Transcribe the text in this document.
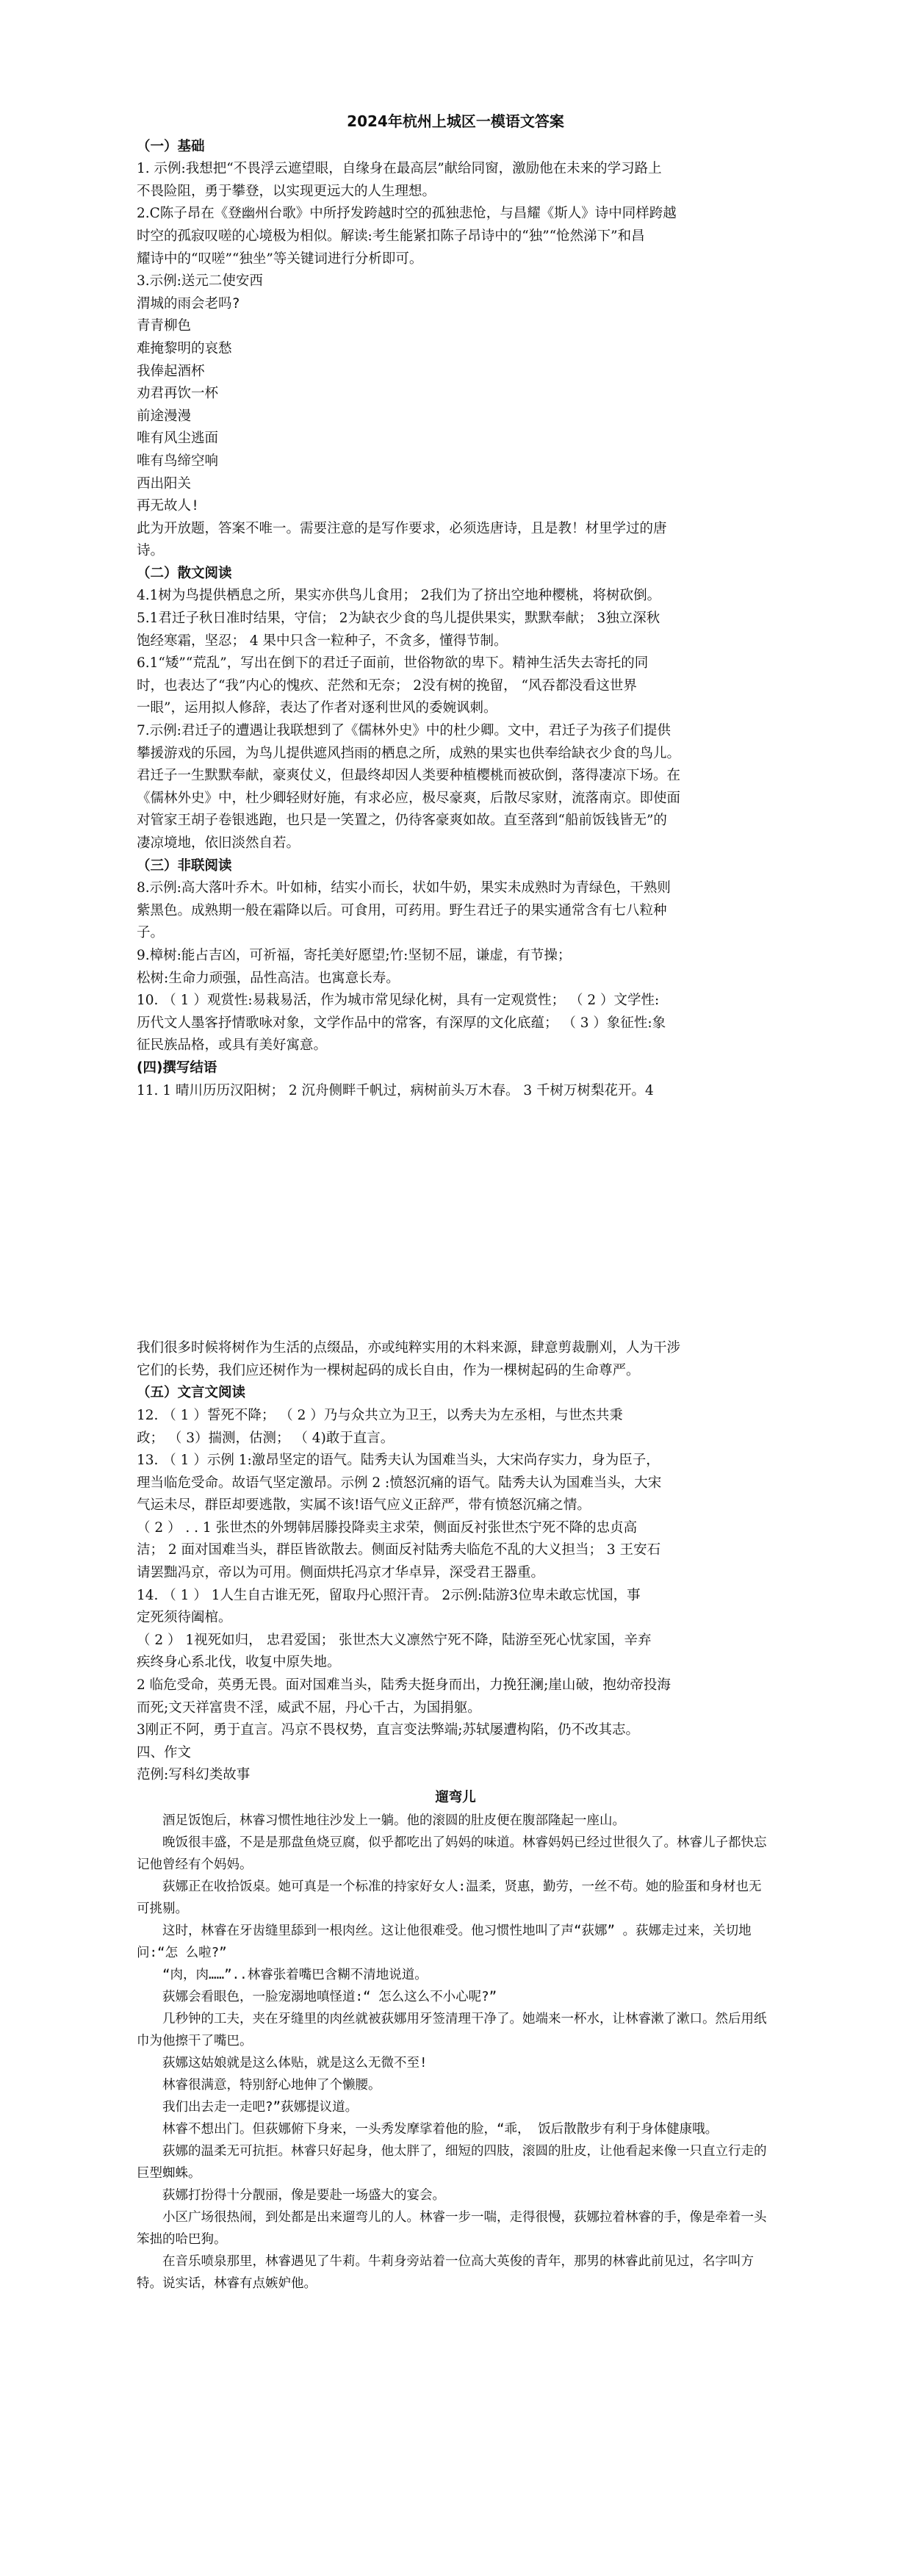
2024年杭州上城区一模语文答案

（一）基础

1. 示例:我想把“不畏浮云遮望眼，自缘身在最高层”献给同窗，激励他在未来的学习路上

不畏险阻，勇于攀登，以实现更远大的人生理想。

2.C陈子昂在《登幽州台歌》中所抒发跨越时空的孤独悲怆，与昌耀《斯人》诗中同样跨越

时空的孤寂叹嗟的心境极为相似。解读:考生能紧扣陈子昂诗中的“独”“怆然涕下”和昌

耀诗中的“叹嗟”“独坐”等关键词进行分析即可。

3.示例:送元二使安西

渭城的雨会老吗?

青青柳色

难掩黎明的哀愁

我俸起酒杯

劝君再饮一杯

前途漫漫

唯有风尘逃面

唯有鸟缔空响

西出阳关

再无故人!

此为开放题，答案不唯一。需要注意的是写作要求，必须选唐诗，且是教！材里学过的唐

诗。

（二）散文阅读

4.1树为鸟提供栖息之所，果实亦供鸟儿食用； 2我们为了挤出空地种樱桃，将树砍倒。

5.1君迁子秋日准时结果，守信； 2为缺衣少食的鸟儿提供果实，默默奉献； 3独立深秋

饱经寒霜，坚忍； 4 果中只含一粒种子，不贪多，懂得节制。

6.1“矮”“荒乱”，写出在倒下的君迁子面前，世俗物欲的卑下。精神生活失去寄托的同

时，也表达了“我”内心的愧疚、茫然和无奈； 2没有树的挽留， “风吞都没看这世界

一眼”，运用拟人修辞，表达了作者对逐利世风的委婉讽刺。

7.示例:君迁子的遭遇让我联想到了《儒林外史》中的杜少卿。文中，君迁子为孩子们提供

攀援游戏的乐园，为鸟儿提供遮风挡雨的栖息之所，成熟的果实也供奉给缺衣少食的鸟儿。

君迁子一生默默奉献，豪爽仗义，但最终却因人类要种植樱桃而被砍倒，落得凄凉下场。在

《儒林外史》中，杜少卿轻财好施，有求必应，极尽豪爽，后散尽家财，流落南京。即使面

对管家王胡子卷银逃跑，也只是一笑置之，仍待客豪爽如故。直至落到“船前饭钱皆无”的

凄凉境地，依旧淡然自若。

（三）非联阅读

8.示例:高大落叶乔木。叶如柿，结实小而长，状如牛奶，果实未成熟时为青绿色，干熟则

紫黑色。成熟期一般在霜降以后。可食用，可药用。野生君迁子的果实通常含有七八粒种

子。

9.樟树:能占吉凶，可祈福，寄托美好愿望;竹:坚韧不屈，谦虚，有节操；

松树:生命力顽强，品性高洁。也寓意长寿。

10. （ 1 ）观赏性:易栽易活，作为城市常见绿化树，具有一定观赏性； （ 2 ）文学性:

历代文人墨客抒情歌咏对象，文学作品中的常客，有深厚的文化底蕴； （ 3 ）象征性:象

征民族品格，或具有美好寓意。

(四)撰写结语

11. 1 晴川历历汉阳树； 2 沉舟侧畔千帆过，病树前头万木春。 3 千树万树梨花开。4

我们很多时候将树作为生活的点缀品，亦或纯粹实用的木料来源，肆意剪裁删刈，人为干涉

它们的长势，我们应还树作为一棵树起码的成长自由，作为一棵树起码的生命尊严。

（五）文言文阅读

12. （ 1 ）誓死不降； （ 2 ）乃与众共立为卫王，以秀夫为左丞相，与世杰共秉

政； （ 3）揣测，估测； （ 4)敢于直言。

13. （ 1 ）示例 1:激昂坚定的语气。陆秀夫认为国难当头，大宋尚存实力，身为臣子，

理当临危受命。故语气坚定激昂。示例 2 :愤怒沉痛的语气。陆秀夫认为国难当头，大宋

气运未尽，群臣却要逃散，实属不该!语气应义正辞严，带有愤怒沉痛之情。

（ 2 ） . . 1 张世杰的外甥韩居滕投降卖主求荣，侧面反衬张世杰宁死不降的忠贞高

洁； 2 面对国难当头，群臣皆欲散去。侧面反衬陆秀夫临危不乱的大义担当； 3 王安石

请罢黜冯京，帝以为可用。侧面烘托冯京才华卓异，深受君王器重。

14. （ 1 ） 1人生自古谁无死，留取丹心照汗青。 2示例:陆游3位卑未敢忘忧国，事

定死须待阖棺。

（ 2 ） 1视死如归， 忠君爱国； 张世杰大义凛然宁死不降，陆游至死心忧家国，辛弃

疾终身心系北伐，收复中原失地。

2 临危受命，英勇无畏。面对国难当头，陆秀夫挺身而出，力挽狂澜;崖山破，抱幼帝投海

而死;文天祥富贵不淫，威武不屈，丹心千古，为国捐躯。

3刚正不阿，勇于直言。冯京不畏权势，直言变法弊端;苏轼屡遭构陷，仍不改其志。

四、作文

范例:写科幻类故事

遛弯儿

酒足饭饱后，林睿习惯性地往沙发上一躺。他的滚圆的肚皮便在腹部隆起一座山。

晚饭很丰盛，不是是那盘鱼烧豆腐，似乎都吃出了妈妈的味道。林睿妈妈已经过世很久了。林睿儿子都快忘记他曾经有个妈妈。

荻娜正在收拾饭桌。她可真是一个标准的持家好女人:温柔，贤惠，勤劳，一丝不苟。她的脸蛋和身材也无可挑剔。

这时，林睿在牙齿缝里舔到一根肉丝。这让他很难受。他习惯性地叫了声“荻娜” 。荻娜走过来，关切地问:“怎 么啦?”

“肉，肉……”..林睿张着嘴巴含糊不清地说道。

荻娜会看眼色，一脸宠溺地嗔怪道:“ 怎么这么不小心呢?”

几秒钟的工夫，夹在牙缝里的肉丝就被荻娜用牙签清理干净了。她端来一杯水，让林睿漱了漱口。然后用纸巾为他擦干了嘴巴。

荻娜这姑娘就是这么体贴，就是这么无微不至!

林睿很满意，特别舒心地伸了个懒腰。

我们出去走一走吧?”荻娜提议道。

林睿不想出门。但荻娜俯下身来，一头秀发摩挲着他的脸，“乖， 饭后散散步有利于身体健康哦。

荻娜的温柔无可抗拒。林睿只好起身，他太胖了，细短的四肢，滚圆的肚皮，让他看起来像一只直立行走的巨型蜘蛛。

荻娜打扮得十分靓丽，像是要赴一场盛大的宴会。

小区广场很热闹，到处都是出来遛弯儿的人。林睿一步一喘，走得很慢，荻娜拉着林睿的手，像是牵着一头笨拙的哈巴狗。

在音乐喷泉那里，林睿遇见了牛莉。牛莉身旁站着一位高大英俊的青年，那男的林睿此前见过，名字叫方特。说实话，林睿有点嫉妒他。
